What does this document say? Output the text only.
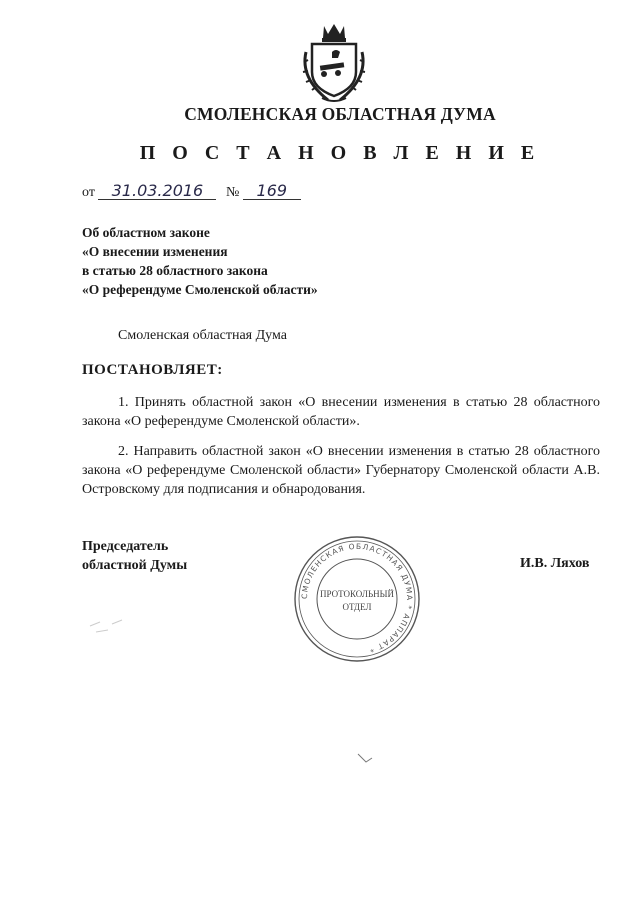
СМОЛЕНСКАЯ ОБЛАСТНАЯ ДУМА
П О С Т А Н О В Л Е Н И Е
от 31.03.2016 № 169
Об областном законе
«О внесении изменения
в статью 28 областного закона
«О референдуме Смоленской области»
Смоленская областная Дума
ПОСТАНОВЛЯЕТ:
1. Принять областной закон «О внесении изменения в статью 28 областного закона «О референдуме Смоленской области».
2. Направить областной закон «О внесении изменения в статью 28 областного закона «О референдуме Смоленской области» Губернатору Смоленской области А.В. Островскому для подписания и обнародования.
Председатель
областной Думы	И.В. Ляхов
СМОЛЕНСКАЯ ОБЛАСТНАЯ ДУМА * АППАРАТ *
ПРОТОКОЛЬНЫЙ
ОТДЕЛ
